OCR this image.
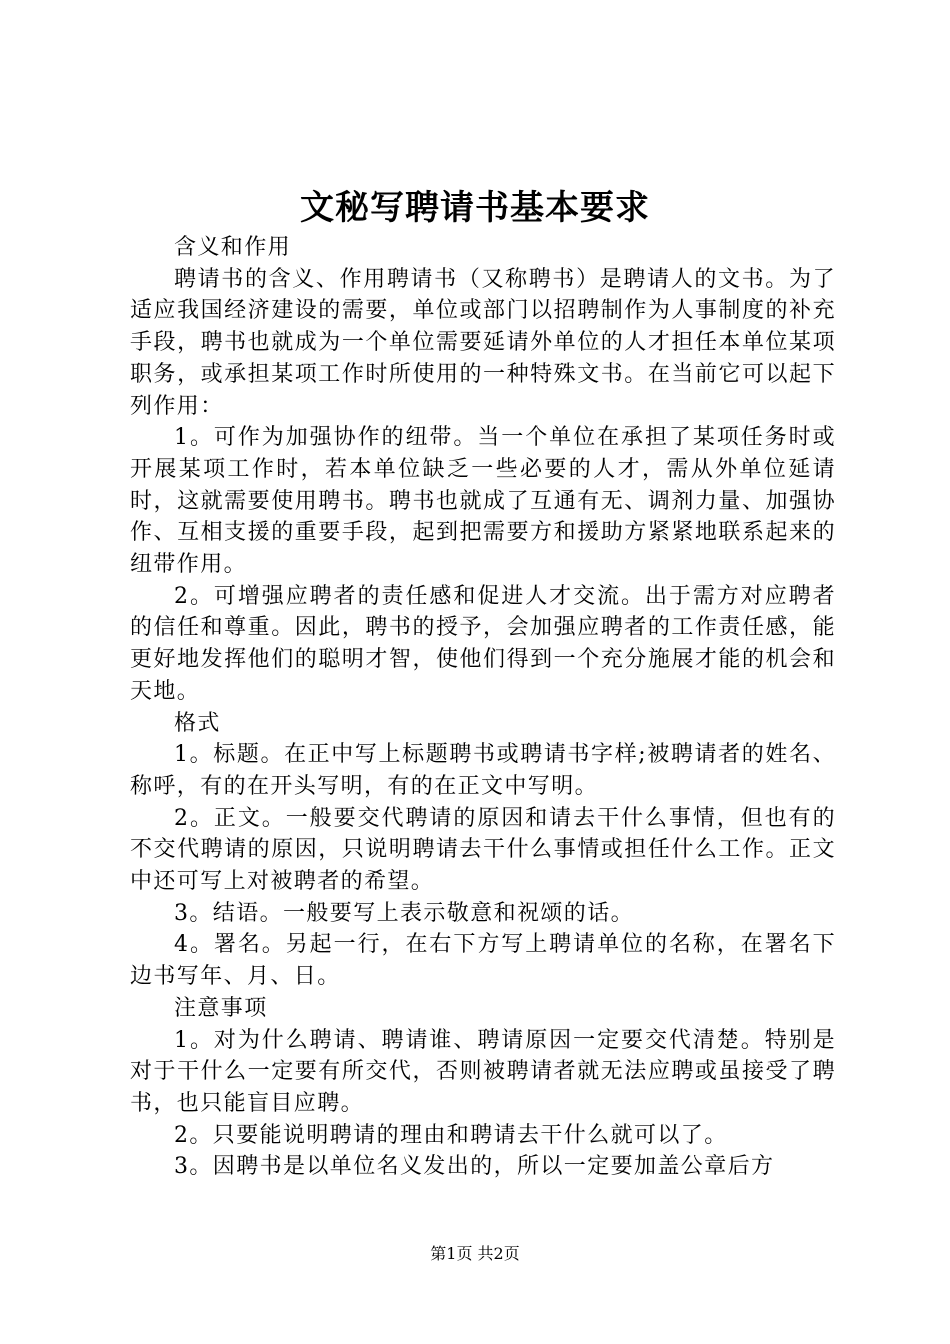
文秘写聘请书基本要求

含义和作用

聘请书的含义、作用聘请书（又称聘书）是聘请人的文书。为了适应我国经济建设的需要，单位或部门以招聘制作为人事制度的补充手段，聘书也就成为一个单位需要延请外单位的人才担任本单位某项职务，或承担某项工作时所使用的一种特殊文书。在当前它可以起下列作用：

1。可作为加强协作的纽带。当一个单位在承担了某项任务时或开展某项工作时，若本单位缺乏一些必要的人才，需从外单位延请时，这就需要使用聘书。聘书也就成了互通有无、调剂力量、加强协作、互相支援的重要手段，起到把需要方和援助方紧紧地联系起来的纽带作用。

2。可增强应聘者的责任感和促进人才交流。出于需方对应聘者的信任和尊重。因此，聘书的授予，会加强应聘者的工作责任感，能更好地发挥他们的聪明才智，使他们得到一个充分施展才能的机会和天地。

格式

1。标题。在正中写上标题聘书或聘请书字样;被聘请者的姓名、称呼，有的在开头写明，有的在正文中写明。

2。正文。一般要交代聘请的原因和请去干什么事情，但也有的不交代聘请的原因，只说明聘请去干什么事情或担任什么工作。正文中还可写上对被聘者的希望。

3。结语。一般要写上表示敬意和祝颂的话。

4。署名。另起一行，在右下方写上聘请单位的名称，在署名下边书写年、月、日。

注意事项

1。对为什么聘请、聘请谁、聘请原因一定要交代清楚。特别是对于干什么一定要有所交代，否则被聘请者就无法应聘或虽接受了聘书，也只能盲目应聘。

2。只要能说明聘请的理由和聘请去干什么就可以了。

3。因聘书是以单位名义发出的，所以一定要加盖公章后方

第1页 共2页
